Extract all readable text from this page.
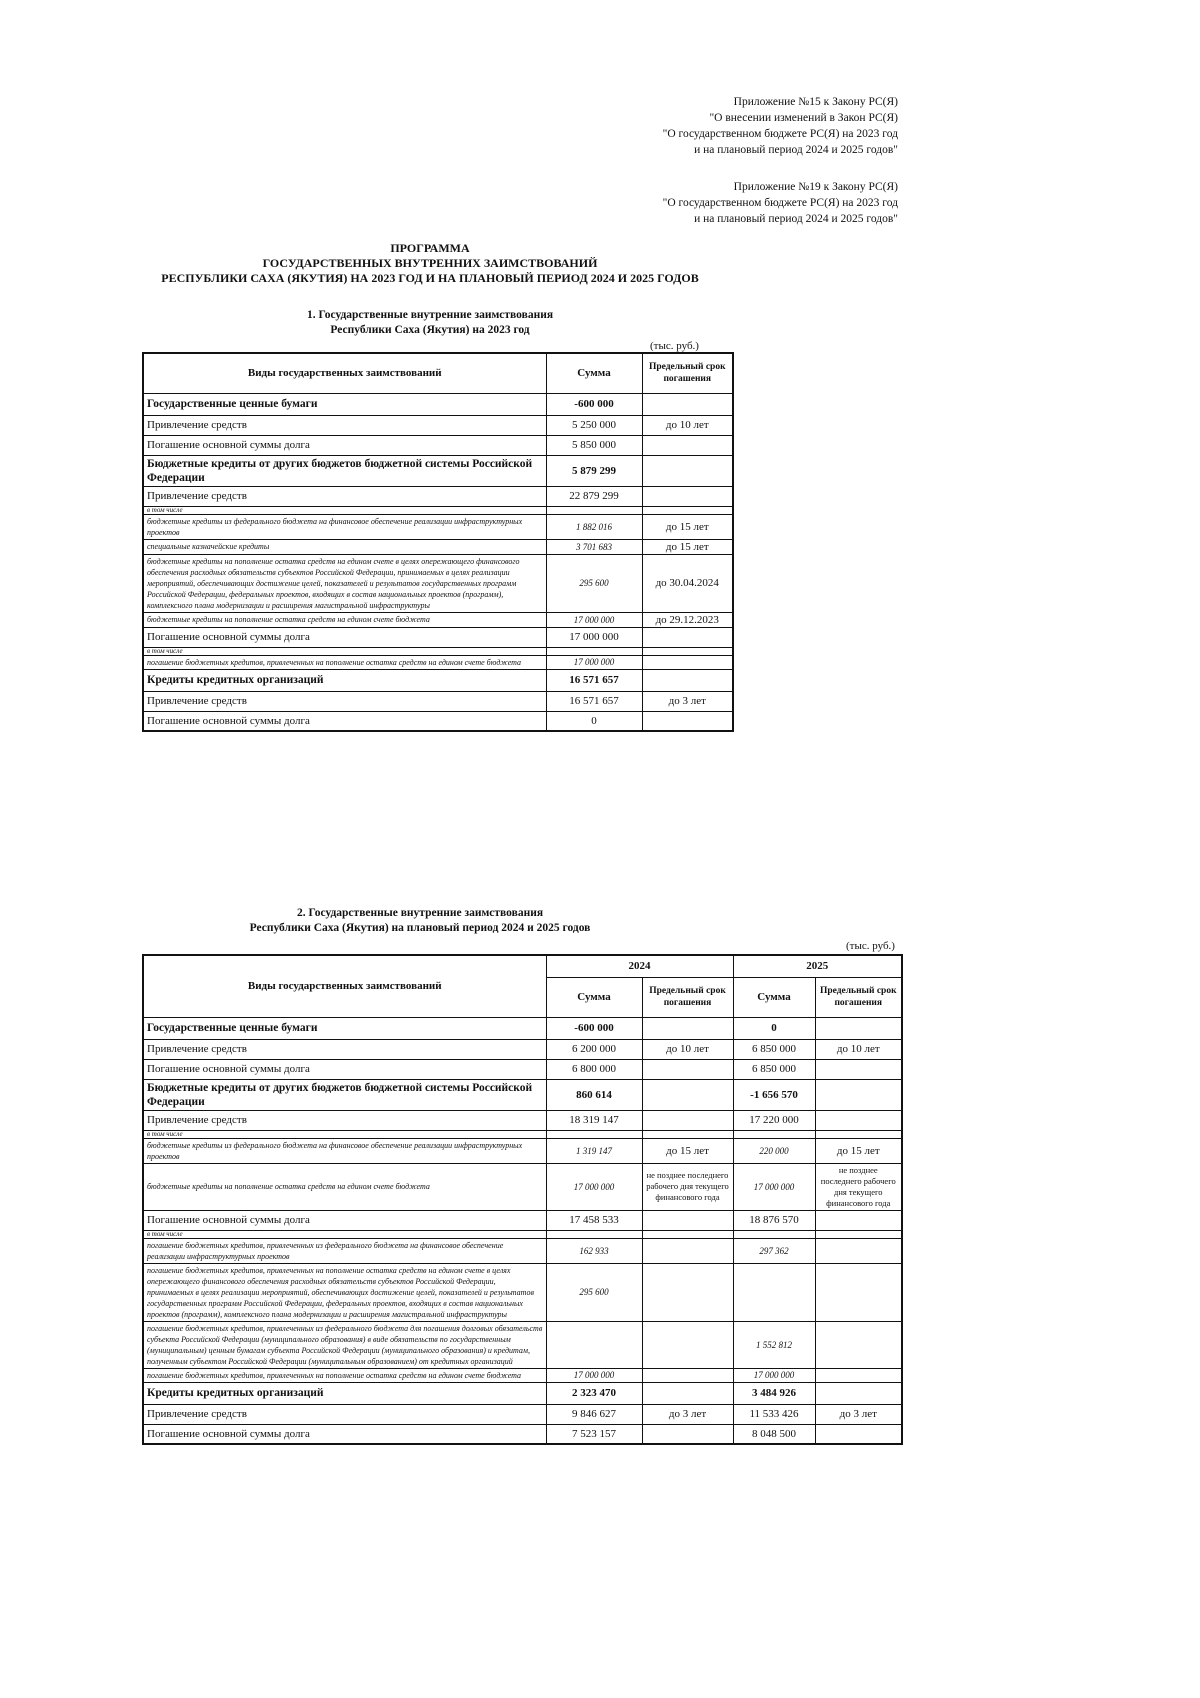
Приложение №15 к Закону РС(Я)
"О внесении изменений в Закон РС(Я)
"О государственном бюджете РС(Я) на 2023 год
и на плановый период 2024 и 2025 годов"
Приложение №19 к Закону РС(Я)
"О государственном бюджете РС(Я) на 2023 год
и на плановый период 2024 и 2025 годов"
ПРОГРАММА
ГОСУДАРСТВЕННЫХ ВНУТРЕННИХ ЗАИМСТВОВАНИЙ
РЕСПУБЛИКИ САХА (ЯКУТИЯ) НА 2023 ГОД И НА ПЛАНОВЫЙ ПЕРИОД 2024 И 2025 ГОДОВ
1. Государственные внутренние заимствования
Республики Саха (Якутия) на 2023 год
(тыс. руб.)
Виды государственных заимствований	Сумма	Предельный срок погашения
Государственные ценные бумаги	-600 000	
Привлечение средств	5 250 000	до 10 лет
Погашение основной суммы долга	5 850 000	
Бюджетные кредиты от других бюджетов бюджетной системы Российской Федерации	5 879 299	
Привлечение средств	22 879 299	
в том числе		
бюджетные кредиты из федерального бюджета на финансовое обеспечение реализации инфраструктурных проектов	1 882 016	до 15 лет
специальные казначейские кредиты	3 701 683	до 15 лет
бюджетные кредиты на пополнение остатка средств на едином счете в целях опережающего финансового обеспечения расходных обязательств субъектов Российской Федерации, принимаемых в целях реализации мероприятий, обеспечивающих достижение целей, показателей и результатов государственных программ Российской Федерации, федеральных проектов, входящих в состав национальных проектов (программ), комплексного плана модернизации и расширения магистральной инфраструктуры	295 600	до 30.04.2024
бюджетные кредиты на пополнение остатка средств на едином счете бюджета	17 000 000	до 29.12.2023
Погашение основной суммы долга	17 000 000	
в том числе		
погашение бюджетных кредитов, привлеченных на пополнение остатка средств на едином счете бюджета	17 000 000	
Кредиты кредитных организаций	16 571 657	
Привлечение средств	16 571 657	до 3 лет
Погашение основной суммы долга	0	
2. Государственные внутренние заимствования
Республики Саха (Якутия) на плановый период 2024 и 2025 годов
(тыс. руб.)
Виды государственных заимствований	2024		2025	
	Сумма	Предельный срок погашения	Сумма	Предельный срок погашения
Государственные ценные бумаги	-600 000		0	
Привлечение средств	6 200 000	до 10 лет	6 850 000	до 10 лет
Погашение основной суммы долга	6 800 000		6 850 000	
Бюджетные кредиты от других бюджетов бюджетной системы Российской Федерации	860 614		-1 656 570	
Привлечение средств	18 319 147		17 220 000	
в том числе				
бюджетные кредиты из федерального бюджета на финансовое обеспечение реализации инфраструктурных проектов	1 319 147	до 15 лет	220 000	до 15 лет
бюджетные кредиты на пополнение остатка средств на едином счете бюджета	17 000 000	не позднее последнего рабочего дня текущего финансового года	17 000 000	не позднее последнего рабочего дня текущего финансового года
Погашение основной суммы долга	17 458 533		18 876 570	
в том числе				
погашение бюджетных кредитов, привлеченных из федерального бюджета на финансовое обеспечение реализации инфраструктурных проектов	162 933		297 362	
погашение бюджетных кредитов, привлеченных на пополнение остатка средств на едином счете в целях опережающего финансового обеспечения расходных обязательств субъектов Российской Федерации, принимаемых в целях реализации мероприятий, обеспечивающих достижение целей, показателей и результатов государственных программ Российской Федерации, федеральных проектов, входящих в состав национальных проектов (программ), комплексного плана модернизации и расширения магистральной инфраструктуры	295 600			
погашение бюджетных кредитов, привлеченных из федерального бюджета для погашения долговых обязательств субъекта Российской Федерации (муниципального образования) в виде обязательств по государственным (муниципальным) ценным бумагам субъекта Российской Федерации (муниципального образования) и кредитам, полученным субъектом Российской Федерации (муниципальным образованием) от кредитных организаций			1 552 812	
погашение бюджетных кредитов, привлеченных на пополнение остатка средств на едином счете бюджета	17 000 000		17 000 000	
Кредиты кредитных организаций	2 323 470		3 484 926	
Привлечение средств	9 846 627	до 3 лет	11 533 426	до 3 лет
Погашение основной суммы долга	7 523 157		8 048 500	
